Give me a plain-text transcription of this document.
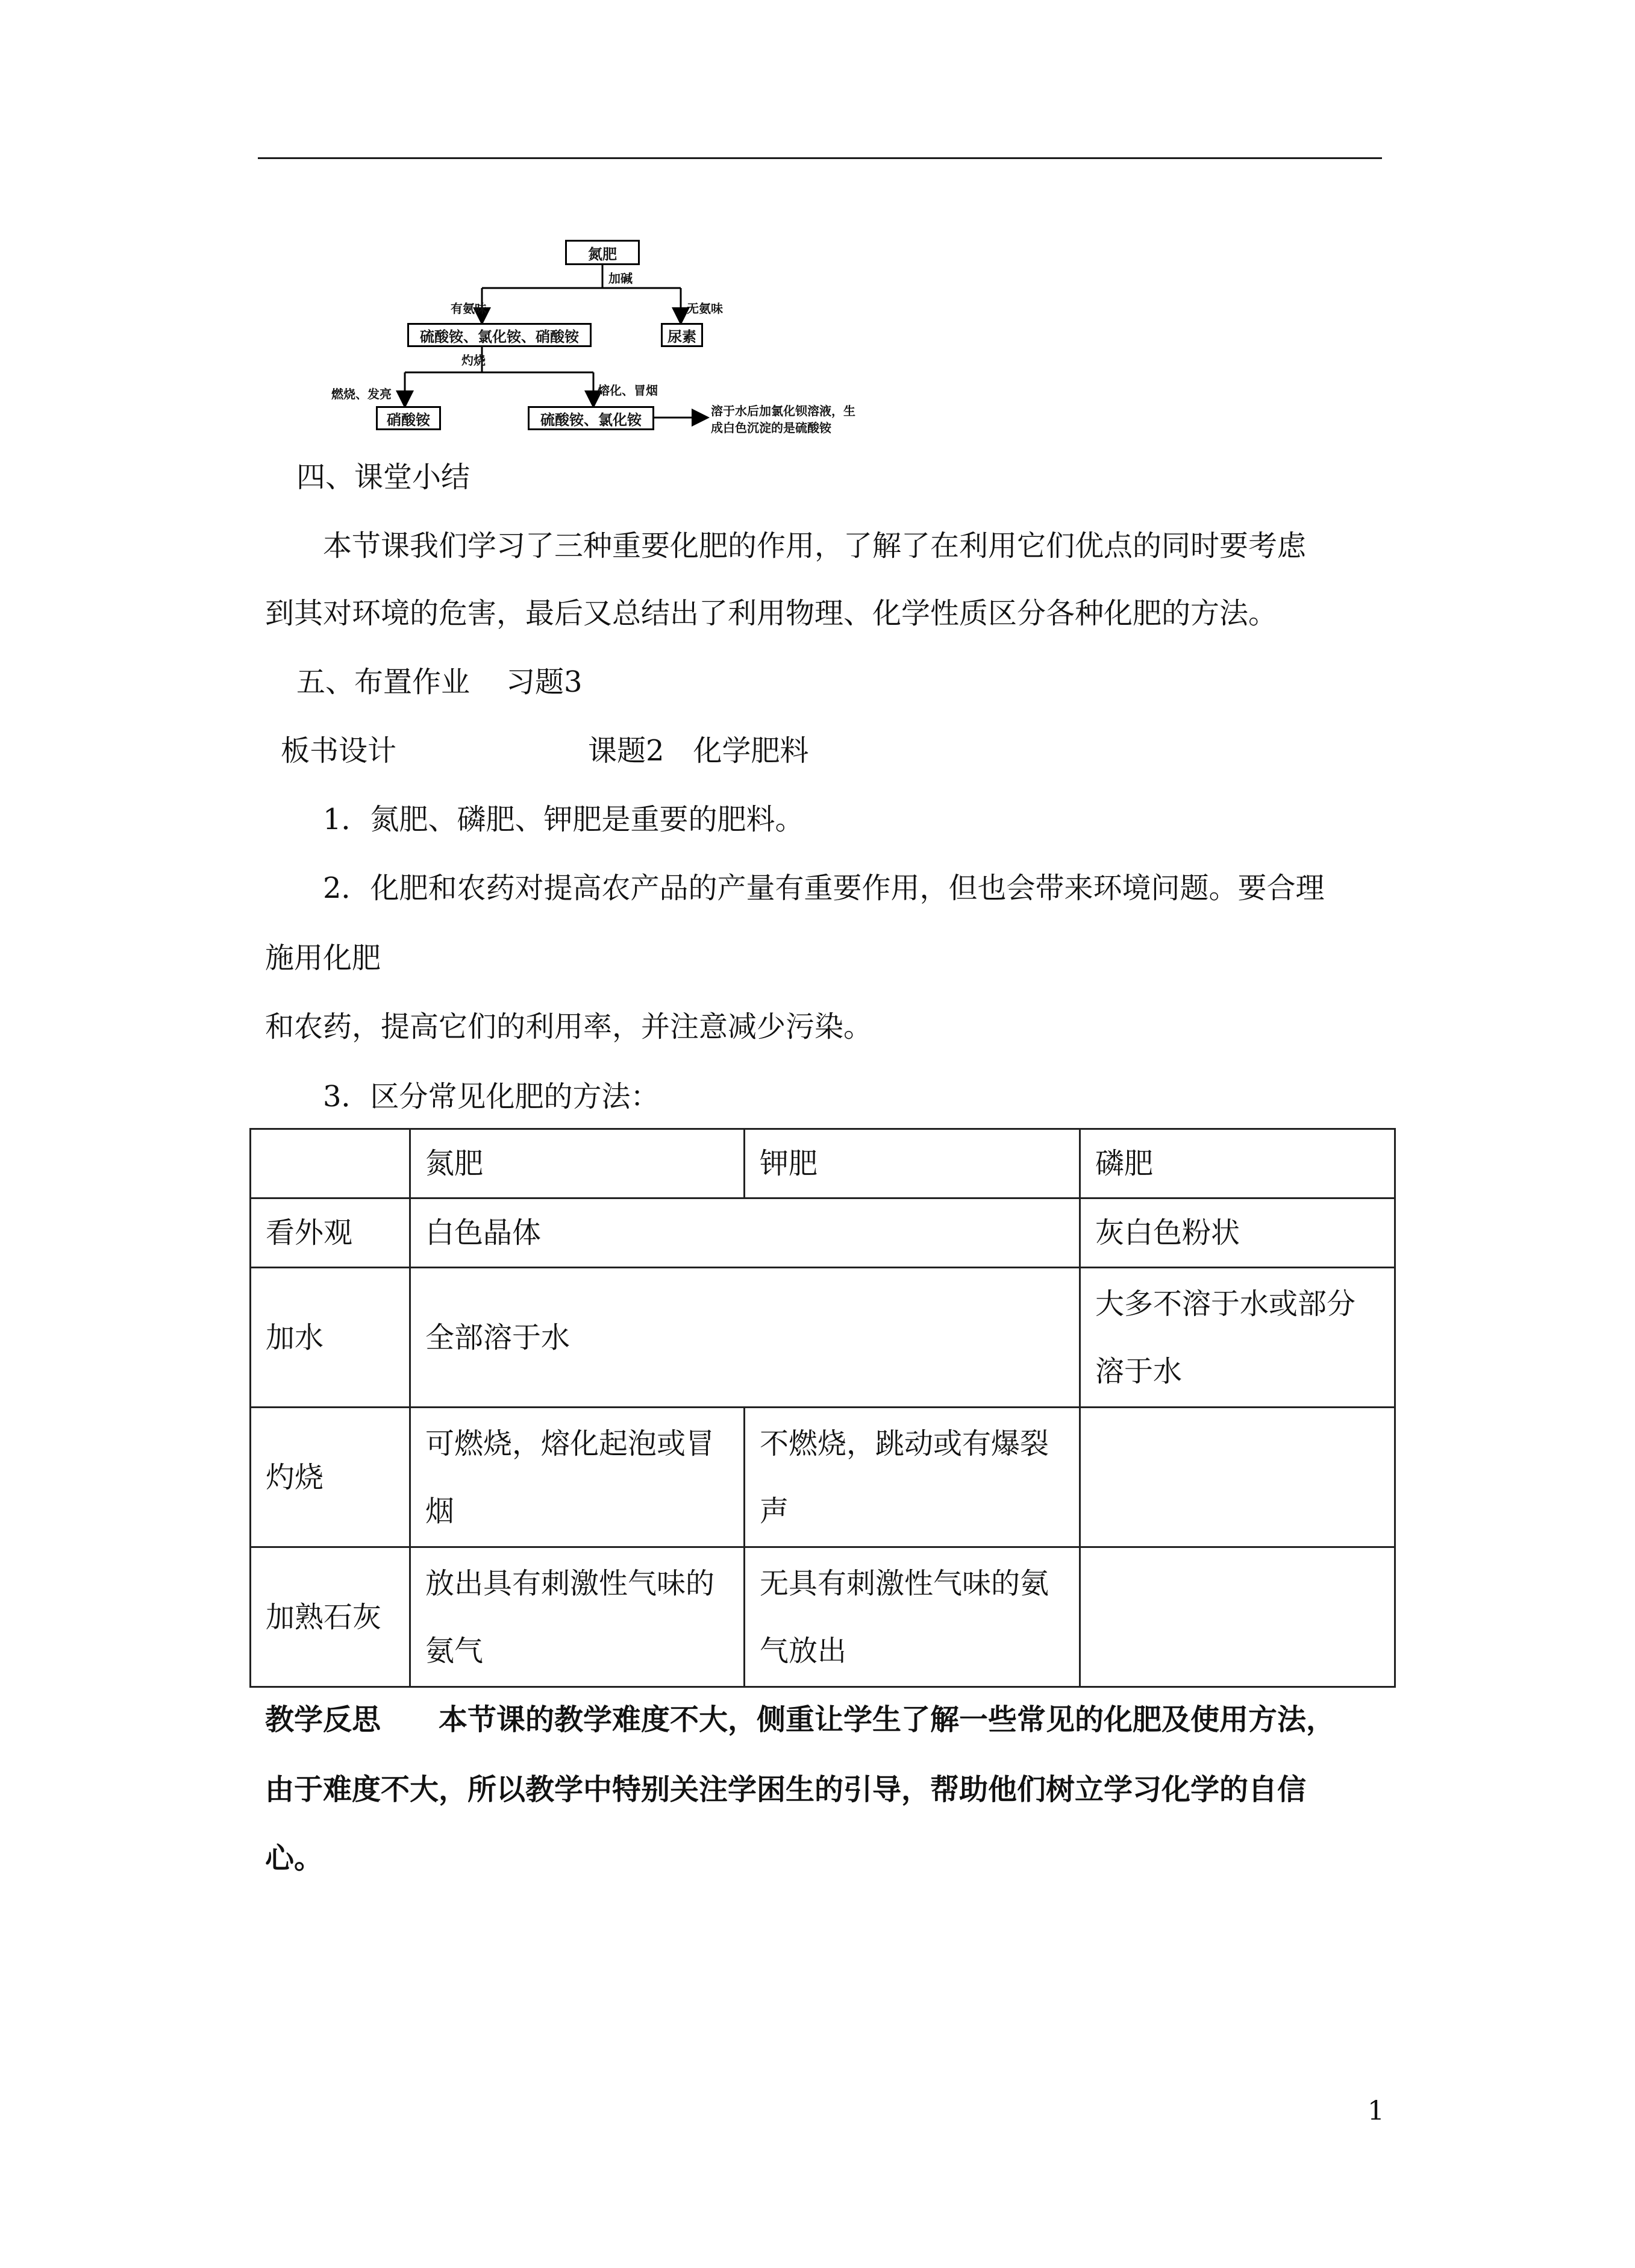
氮肥
加碱
有氨味	无氨味
硫酸铵、氯化铵、硝酸铵	尿素
灼烧
燃烧、发亮	熔化、冒烟
硝酸铵	硫酸铵、氯化铵
溶于水后加氯化钡溶液，生
成白色沉淀的是硫酸铵
四、课堂小结
本节课我们学习了三种重要化肥的作用，了解了在利用它们优点的同时要考虑
到其对环境的危害，最后又总结出了利用物理、化学性质区分各种化肥的方法。
五、布置作业 习题3
板书设计	课题2　化学肥料
1．氮肥、磷肥、钾肥是重要的肥料。
2．化肥和农药对提高农产品的产量有重要作用，但也会带来环境问题。要合理
施用化肥
和农药，提高它们的利用率，并注意减少污染。
3．区分常见化肥的方法：
	氮肥	钾肥	磷肥
看外观	白色晶体		灰白色粉状
加水	全部溶于水		大多不溶于水或部分溶于水
灼烧	可燃烧，熔化起泡或冒烟	不燃烧，跳动或有爆裂声	
加熟石灰	放出具有刺激性气味的氨气	无具有刺激性气味的氨气放出	
教学反思 本节课的教学难度不大，侧重让学生了解一些常见的化肥及使用方法，
由于难度不大，所以教学中特别关注学困生的引导，帮助他们树立学习化学的自信
心。
1
